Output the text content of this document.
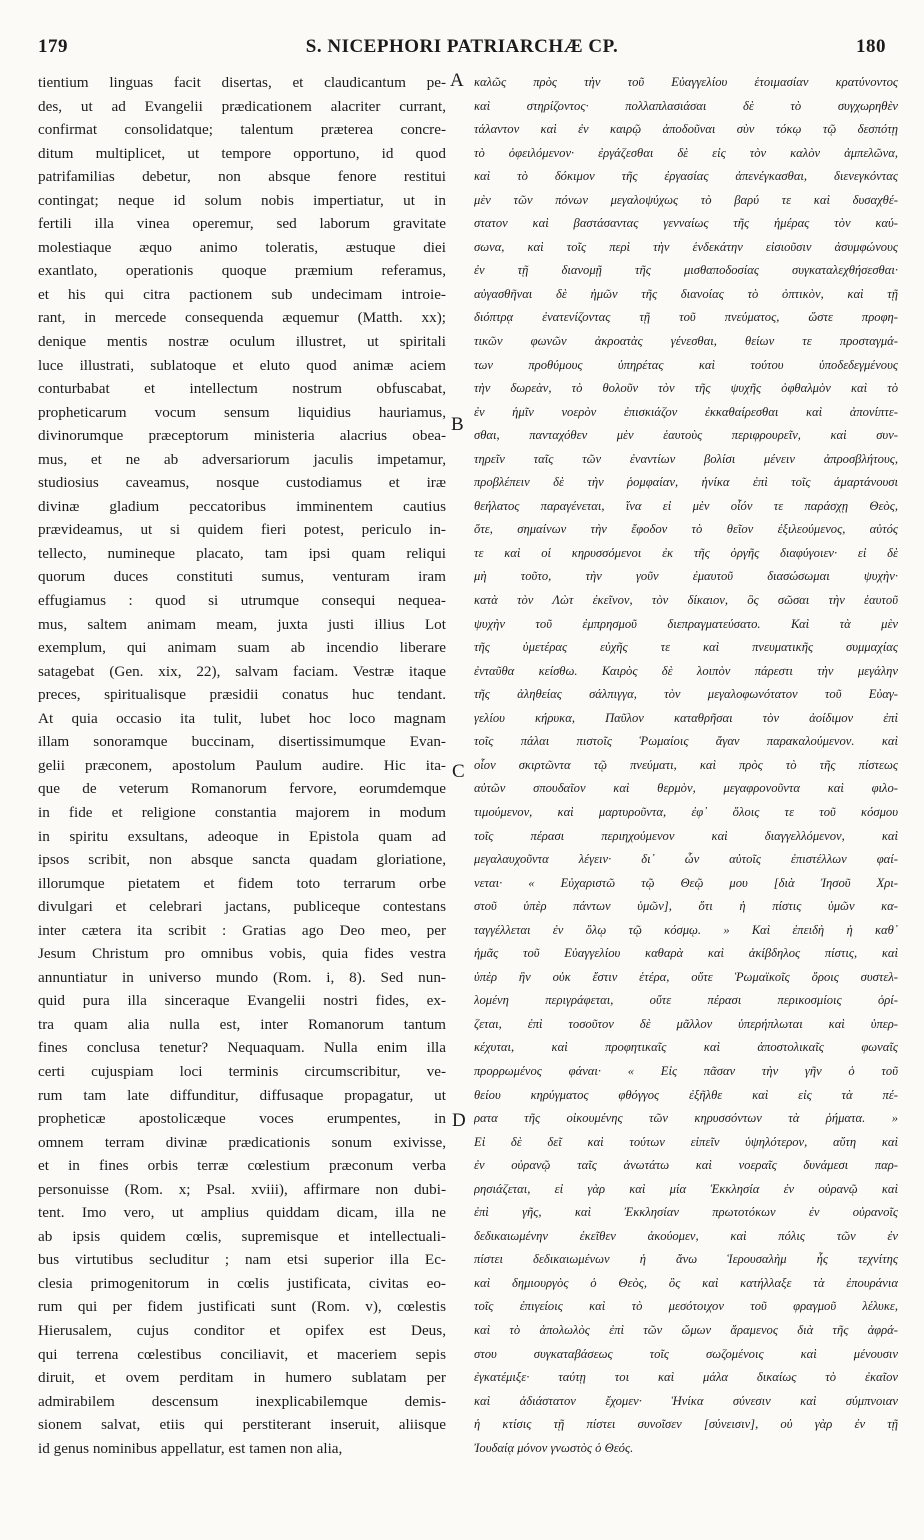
179	S. NICEPHORI PATRIARCHÆ CP.	180
tientium linguas facit disertas, et claudicantum pe-
des, ut ad Evangelii prædicationem alacriter currant,
confirmat consolidatque; talentum præterea concre-
ditum multiplicet, ut tempore opportuno, id quod
patrifamilias debetur, non absque fenore restitui
contingat; neque id solum nobis impertiatur, ut in
fertili illa vinea operemur, sed laborum gravitate
molestiaque æquo animo toleratis, æstuque diei
exantlato, operationis quoque præmium referamus,
et his qui citra pactionem sub undecimam introie-
rant, in mercede consequenda æquemur (Matth. xx);
denique mentis nostræ oculum illustret, ut spiritali
luce illustrati, sublatoque et eluto quod animæ aciem
conturbabat et intellectum nostrum obfuscabat,
propheticarum vocum sensum liquidius hauriamus,
divinorumque præceptorum ministeria alacrius obea-
mus, et ne ab adversariorum jaculis impetamur,
studiosius caveamus, nosque custodiamus et iræ
divinæ gladium peccatoribus imminentem cautius
prævideamus, ut si quidem fieri potest, periculo in-
tellecto, numineque placato, tam ipsi quam reliqui
quorum duces constituti sumus, venturam iram
effugiamus : quod si utrumque consequi nequea-
mus, saltem animam meam, juxta justi illius Lot
exemplum, qui animam suam ab incendio liberare
satagebat (Gen. xix, 22), salvam faciam. Vestræ itaque
preces, spiritualisque præsidii conatus huc tendant.
At quia occasio ita tulit, lubet hoc loco magnam
illam sonoramque buccinam, disertissimumque Evan-
gelii præconem, apostolum Paulum audire. Hic ita-
que de veterum Romanorum fervore, eorumdemque
in fide et religione constantia majorem in modum
in spiritu exsultans, adeoque in Epistola quam ad
ipsos scribit, non absque sancta quadam gloriatione,
illorumque pietatem et fidem toto terrarum orbe
divulgari et celebrari jactans, publiceque contestans
inter cætera ita scribit : Gratias ago Deo meo, per
Jesum Christum pro omnibus vobis, quia fides vestra
annuntiatur in universo mundo (Rom. i, 8). Sed nun-
quid pura illa sinceraque Evangelii nostri fides, ex-
tra quam alia nulla est, inter Romanorum tantum
fines conclusa tenetur? Nequaquam. Nulla enim illa
certi cujuspiam loci terminis circumscribitur, ve-
rum tam late diffunditur, diffusaque propagatur, ut
propheticæ apostolicæque voces erumpentes, in
omnem terram divinæ prædicationis sonum exivisse,
et in fines orbis terræ cœlestium præconum verba
personuisse (Rom. x; Psal. xviii), affirmare non dubi-
tent. Imo vero, ut amplius quiddam dicam, illa ne
ab ipsis quidem cœlis, supremisque et intellectuali-
bus virtutibus secluditur ; nam etsi superior illa Ec-
clesia primogenitorum in cœlis justificata, civitas eo-
rum qui per fidem justificati sunt (Rom. v), cœlestis
Hierusalem, cujus conditor et opifex est Deus,
qui terrena cœlestibus conciliavit, et maceriem sepis
diruit, et ovem perditam in humero sublatam per
admirabilem descensum inexplicabilemque demis-
sionem salvat, etiis qui perstiterant inseruit, aliisque
id genus nominibus appellatur, est tamen non alia,
καλῶς πρὸς τὴν τοῦ Εὐαγγελίου ἑτοιμασίαν κρατύνοντος
καὶ στηρίζοντος· πολλαπλασιάσαι δὲ τὸ συγχωρηθὲν
τάλαντον καὶ ἐν καιρῷ ἀποδοῦναι σὺν τόκῳ τῷ δεσπότῃ
τὸ ὀφειλόμενον· ἐργάζεσθαι δὲ εἰς τὸν καλὸν ἀμπελῶνα,
καὶ τὸ δόκιμον τῆς ἐργασίας ἀπενέγκασθαι, διενεγκόντας
μὲν τῶν πόνων μεγαλοψύχως τὸ βαρύ τε καὶ δυσαχθέ-
στατον καὶ βαστάσαντας γενναίως τῆς ἡμέρας τὸν καύ-
σωνα, καὶ τοῖς περὶ τὴν ἑνδεκάτην εἰσιοῦσιν ἀσυμφώνους
ἐν τῇ διανομῇ τῆς μισθαποδοσίας συγκαταλεχθήσεσθαι·
αὐγασθῆναι δὲ ἡμῶν τῆς διανοίας τὸ ὀπτικὸν, καὶ τῇ
διόπτρᾳ ἐνατενίζοντας τῇ τοῦ πνεύματος, ὥστε προφη-
τικῶν φωνῶν ἀκροατὰς γένεσθαι, θείων τε προσταγμά-
των προθύμους ὑπηρέτας καὶ τούτου ὑποδεδεγμένους
τὴν δωρεὰν, τὸ θολοῦν τὸν τῆς ψυχῆς ὀφθαλμὸν καὶ τὸ
ἐν ἡμῖν νοερὸν ἐπισκιάζον ἐκκαθαίρεσθαι καὶ ἀπονίπτε-
σθαι, πανταχόθεν μὲν ἑαυτοὺς περιφρουρεῖν, καὶ συν-
τηρεῖν ταῖς τῶν ἐναντίων βολίσι μένειν ἀπροσβλήτους,
προβλέπειν δὲ τὴν ῥομφαίαν, ἡνίκα ἐπὶ τοῖς ἁμαρτάνουσι
θεήλατος παραγένεται, ἵνα εἰ μὲν οἷόν τε παράσχῃ Θεὸς,
ὅτε, σημαίνων τὴν ἔφοδον τὸ θεῖον ἐξιλεούμενος, αὐτός
τε καὶ οἱ κηρυσσόμενοι ἐκ τῆς ὀργῆς διαφύγοιεν· εἰ δὲ
μὴ τοῦτο, τὴν γοῦν ἐμαυτοῦ διασώσωμαι ψυχὴν·
κατὰ τὸν Λὼτ ἐκεῖνον, τὸν δίκαιον, ὃς σῶσαι τὴν ἑαυτοῦ
ψυχὴν τοῦ ἐμπρησμοῦ διεπραγματεύσατο. Καὶ τὰ μὲν
τῆς ὑμετέρας εὐχῆς τε καὶ πνευματικῆς συμμαχίας
ἐνταῦθα κείσθω. Καιρὸς δὲ λοιπὸν πάρεστι τὴν μεγάλην
τῆς ἀληθείας σάλπιγγα, τὸν μεγαλοφωνότατον τοῦ Εὐαγ-
γελίου κήρυκα, Παῦλον καταθρῆσαι τὸν ἀοίδιμον ἐπὶ
τοῖς πάλαι πιστοῖς Ῥωμαίοις ἄγαν παρακαλούμενον. καὶ
οἷον σκιρτῶντα τῷ πνεύματι, καὶ πρὸς τὸ τῆς πίστεως
αὐτῶν σπουδαῖον καὶ θερμὸν, μεγαφρονοῦντα καὶ φιλο-
τιμούμενον, καὶ μαρτυροῦντα, ἐφ᾽ ὅλοις τε τοῦ κόσμου
τοῖς πέρασι περιηχούμενον καὶ διαγγελλόμενον, καὶ
μεγαλαυχοῦντα λέγειν· δι᾽ ὧν αὐτοῖς ἐπιστέλλων φαί-
νεται· « Εὐχαριστῶ τῷ Θεῷ μου [διὰ Ἰησοῦ Χρι-
στοῦ ὑπὲρ πάντων ὑμῶν], ὅτι ἡ πίστις ὑμῶν κα-
ταγγέλλεται ἐν ὅλῳ τῷ κόσμῳ. » Καὶ ἐπειδὴ ἡ καθ᾽
ἡμᾶς τοῦ Εὐαγγελίου καθαρὰ καὶ ἀκίβδηλος πίστις, καὶ
ὑπὲρ ἣν οὐκ ἔστιν ἑτέρα, οὔτε Ῥωμαϊκοῖς ὅροις συστελ-
λομένη περιγράφεται, οὔτε πέρασι περικοσμίοις ὁρί-
ζεται, ἐπὶ τοσοῦτον δὲ μᾶλλον ὑπερήπλωται καὶ ὑπερ-
κέχυται, καὶ προφητικαῖς καὶ ἀποστολικαῖς φωναῖς
προρρωμένος φάναι· « Εἰς πᾶσαν τὴν γῆν ὁ τοῦ
θείου κηρύγματος φθόγγος ἐξῆλθε καὶ εἰς τὰ πέ-
ρατα τῆς οἰκουμένης τῶν κηρυσσόντων τὰ ῥήματα. »
Εἰ δὲ δεῖ καὶ τούτων εἰπεῖν ὑψηλότερον, αὕτη καὶ
ἐν οὐρανῷ ταῖς ἀνωτάτω καὶ νοεραῖς δυνάμεσι παρ-
ρησιάζεται, εἰ γὰρ καὶ μία Ἐκκλησία ἐν οὐρανῷ καὶ
ἐπὶ γῆς, καὶ Ἐκκλησίαν πρωτοτόκων ἐν οὐρανοῖς
δεδικαιωμένην ἐκεῖθεν ἀκούομεν, καὶ πόλις τῶν ἐν
πίστει δεδικαιωμένων ἡ ἄνω Ἱερουσαλὴμ ἧς τεχνίτης
καὶ δημιουργὸς ὁ Θεὸς, ὃς καὶ κατήλλαξε τὰ ἐπουράνια
τοῖς ἐπιγείοις καὶ τὸ μεσότοιχον τοῦ φραγμοῦ λέλυκε,
καὶ τὸ ἀπολωλὸς ἐπὶ τῶν ὤμων ἄραμενος διὰ τῆς ἀφρά-
στου συγκαταβάσεως τοῖς σωζομένοις καὶ μένουσιν
ἐγκατέμιξε· ταύτῃ τοι καὶ μάλα δικαίως τὸ ἐκαῖον
καὶ ἀδιάστατον ἔχομεν· Ἡνίκα σύνεσιν καὶ σύμπνοιαν
ἡ κτίσις τῇ πίστει συνοῖσεν [σύνεισιν], οὐ γὰρ ἐν τῇ
Ἰουδαίᾳ μόνον γνωστὸς ὁ Θεός.
A
B
C
D
